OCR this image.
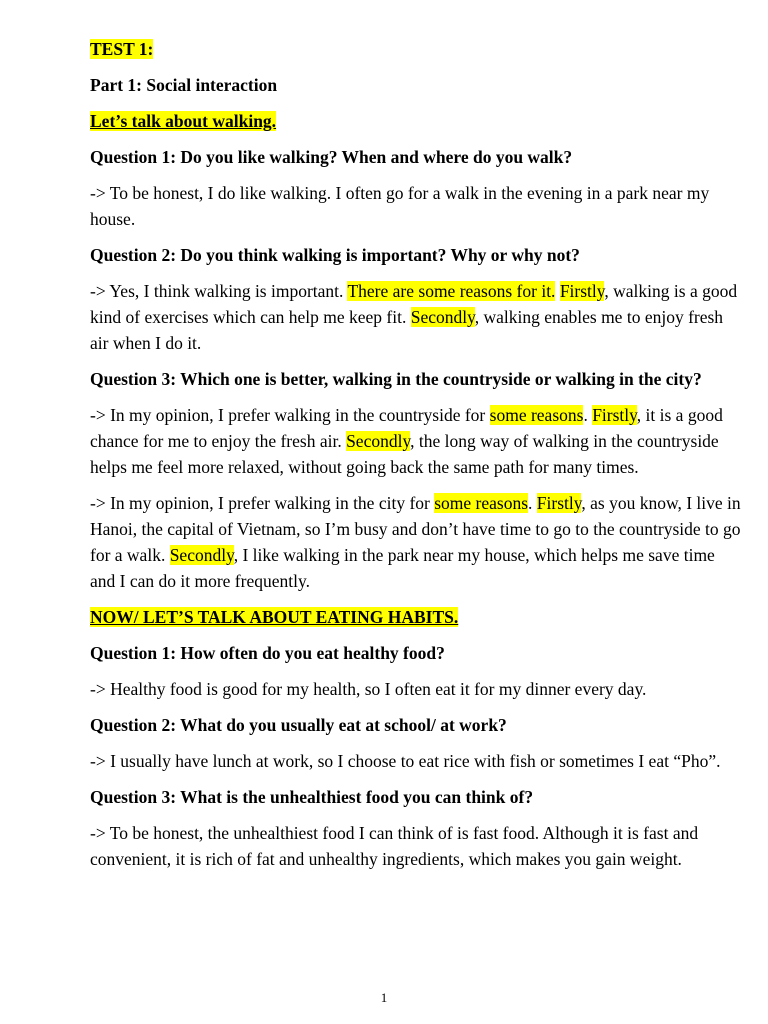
TEST 1:
Part 1: Social interaction
Let’s talk about walking.
Question 1: Do you like walking? When and where do you walk?
-> To be honest, I do like walking. I often go for a walk in the evening in a park near my house.
Question 2: Do you think walking is important? Why or why not?
-> Yes, I think walking is important. There are some reasons for it. Firstly, walking is a good kind of exercises which can help me keep fit. Secondly, walking enables me to enjoy fresh air when I do it.
Question 3: Which one is better, walking in the countryside or walking in the city?
-> In my opinion, I prefer walking in the countryside for some reasons. Firstly, it is a good chance for me to enjoy the fresh air. Secondly, the long way of walking in the countryside helps me feel more relaxed, without going back the same path for many times.
-> In my opinion, I prefer walking in the city for some reasons. Firstly, as you know, I live in Hanoi, the capital of Vietnam, so I’m busy and don’t have time to go to the countryside to go for a walk. Secondly, I like walking in the park near my house, which helps me save time and I can do it more frequently.
NOW/ LET’S TALK ABOUT EATING HABITS.
Question 1: How often do you eat healthy food?
-> Healthy food is good for my health, so I often eat it for my dinner every day.
Question 2: What do you usually eat at school/ at work?
-> I usually have lunch at work, so I choose to eat rice with fish or sometimes I eat “Pho”.
Question 3: What is the unhealthiest food you can think of?
-> To be honest, the unhealthiest food I can think of is fast food. Although it is fast and convenient, it is rich of fat and unhealthy ingredients, which makes you gain weight.
1
